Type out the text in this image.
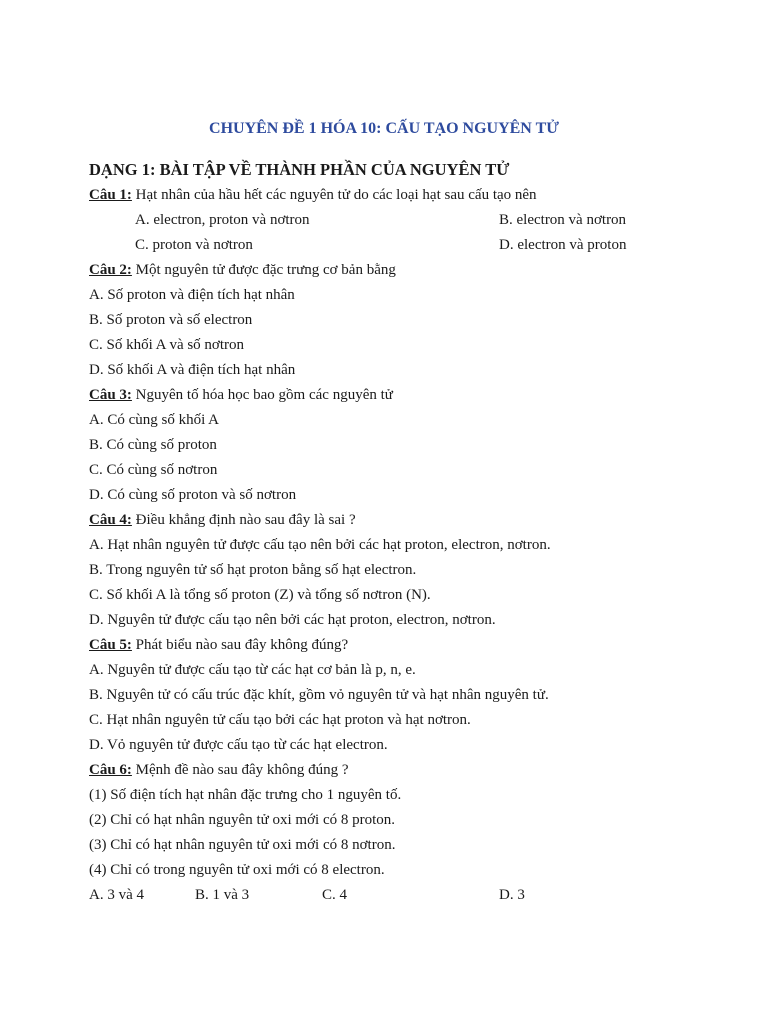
CHUYÊN ĐỀ 1 HÓA 10: CẤU TẠO NGUYÊN TỬ
DẠNG 1: BÀI TẬP VỀ THÀNH PHẦN CỦA NGUYÊN TỬ
Câu 1: Hạt nhân của hầu hết các nguyên tử do các loại hạt sau cấu tạo nên
A. electron, proton và nơtron	B. electron và nơtron
C. proton và nơtron	D. electron và proton
Câu 2: Một nguyên tử được đặc trưng cơ bản bằng
A. Số proton và điện tích hạt nhân
B. Số proton và số electron
C. Số khối A và số nơtron
D. Số khối A và điện tích hạt nhân
Câu 3: Nguyên tố hóa học bao gồm các nguyên tử
A. Có cùng số khối A
B. Có cùng số proton
C. Có cùng số nơtron
D. Có cùng số proton và số nơtron
Câu 4: Điều khẳng định nào sau đây là sai ?
A. Hạt nhân nguyên tử được cấu tạo nên bởi các hạt proton, electron, nơtron.
B. Trong nguyên tử số hạt proton bằng số hạt electron.
C. Số khối A là tổng số proton (Z) và tổng số nơtron (N).
D. Nguyên tử được cấu tạo nên bởi các hạt proton, electron, nơtron.
Câu 5: Phát biểu nào sau đây không đúng?
A. Nguyên tử được cấu tạo từ các hạt cơ bản là p, n, e.
B. Nguyên tử có cấu trúc đặc khít, gồm vỏ nguyên tử và hạt nhân nguyên tử.
C. Hạt nhân nguyên tử cấu tạo bởi các hạt proton và hạt nơtron.
D. Vỏ nguyên tử được cấu tạo từ các hạt electron.
Câu 6: Mệnh đề nào sau đây không đúng ?
(1) Số điện tích hạt nhân đặc trưng cho 1 nguyên tố.
(2) Chỉ có hạt nhân nguyên tử oxi mới có 8 proton.
(3) Chỉ có hạt nhân nguyên tử oxi mới có 8 nơtron.
(4) Chỉ có trong nguyên tử oxi mới có 8 electron.
A. 3 và 4	B. 1 và 3	C. 4	D. 3
